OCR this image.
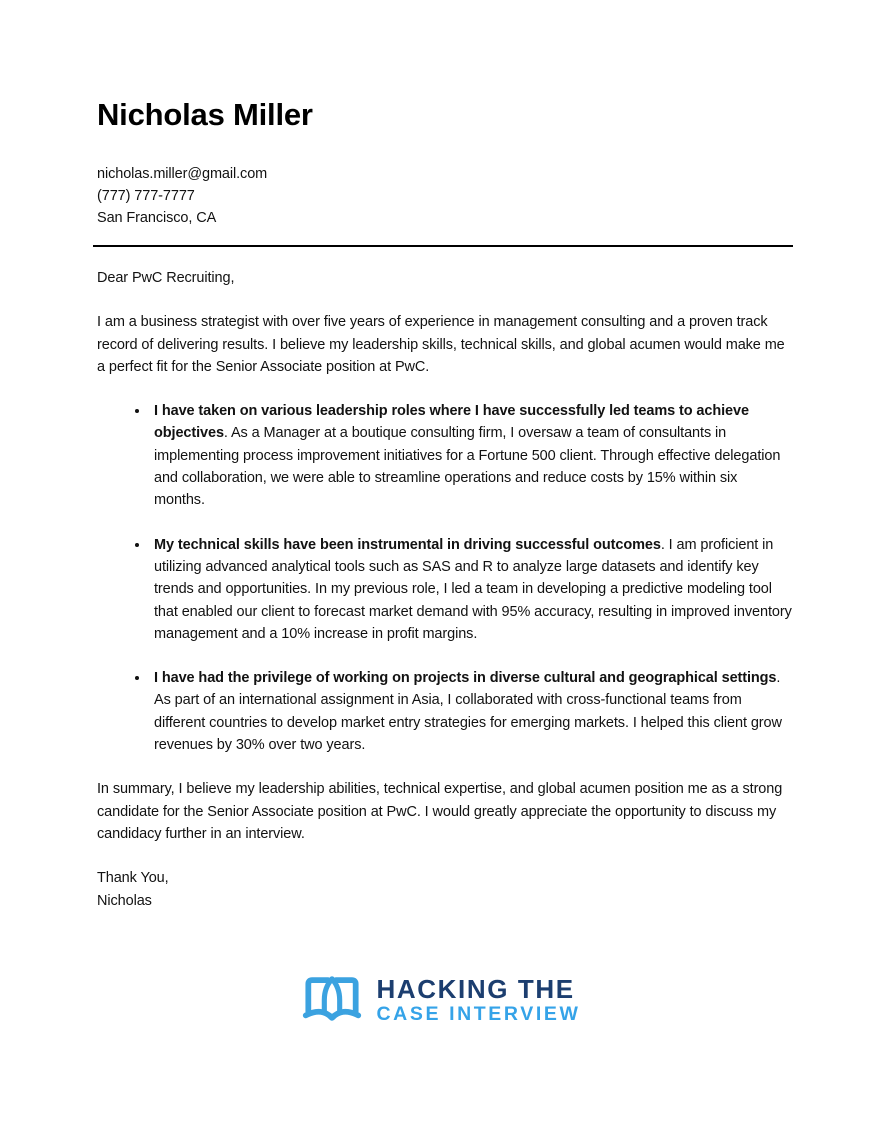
Nicholas Miller
nicholas.miller@gmail.com
(777) 777-7777
San Francisco, CA

Dear PwC Recruiting,

I am a business strategist with over five years of experience in management consulting and a proven track record of delivering results. I believe my leadership skills, technical skills, and global acumen would make me a perfect fit for the Senior Associate position at PwC.

• I have taken on various leadership roles where I have successfully led teams to achieve objectives. As a Manager at a boutique consulting firm, I oversaw a team of consultants in implementing process improvement initiatives for a Fortune 500 client. Through effective delegation and collaboration, we were able to streamline operations and reduce costs by 15% within six months.
• My technical skills have been instrumental in driving successful outcomes. I am proficient in utilizing advanced analytical tools such as SAS and R to analyze large datasets and identify key trends and opportunities. In my previous role, I led a team in developing a predictive modeling tool that enabled our client to forecast market demand with 95% accuracy, resulting in improved inventory management and a 10% increase in profit margins.
• I have had the privilege of working on projects in diverse cultural and geographical settings. As part of an international assignment in Asia, I collaborated with cross-functional teams from different countries to develop market entry strategies for emerging markets. I helped this client grow revenues by 30% over two years.

In summary, I believe my leadership abilities, technical expertise, and global acumen position me as a strong candidate for the Senior Associate position at PwC. I would greatly appreciate the opportunity to discuss my candidacy further in an interview.

Thank You,
Nicholas
HACKING THE
CASE INTERVIEW
